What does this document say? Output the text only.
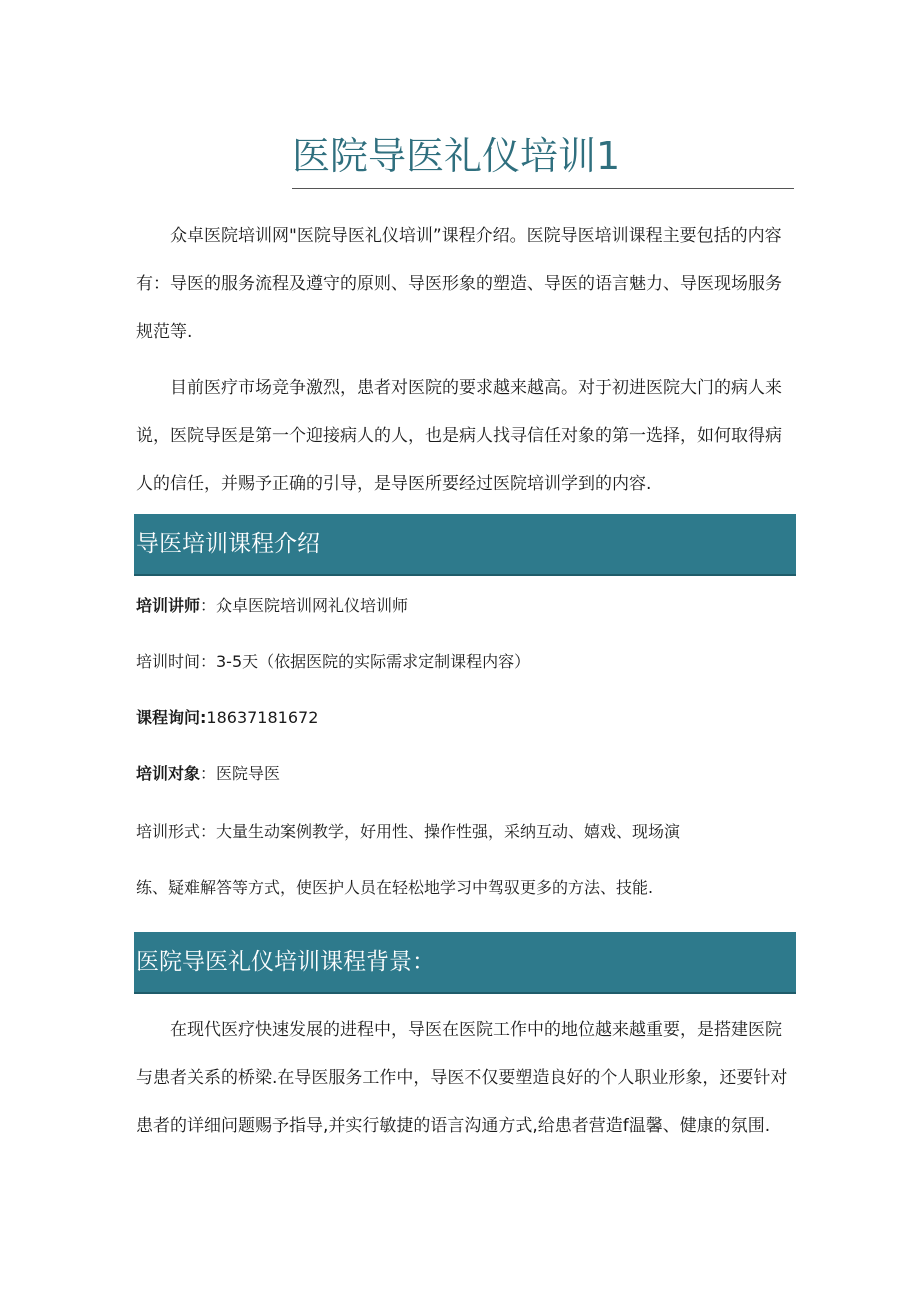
医院导医礼仪培训1

众卓医院培训网"医院导医礼仪培训”课程介绍。医院导医培训课程主要包括的内容有：导医的服务流程及遵守的原则、导医形象的塑造、导医的语言魅力、导医现场服务规范等.

目前医疗市场竞争激烈，患者对医院的要求越来越高。对于初进医院大门的病人来说，医院导医是第一个迎接病人的人，也是病人找寻信任对象的第一选择，如何取得病人的信任，并赐予正确的引导，是导医所要经过医院培训学到的内容.

导医培训课程介绍
培训讲师：众卓医院培训网礼仪培训师
培训时间：3-5天（依据医院的实际需求定制课程内容）
课程询问:18637181672
培训对象：医院导医
培训形式：大量生动案例教学，好用性、操作性强，采纳互动、嬉戏、现场演
练、疑难解答等方式，使医护人员在轻松地学习中驾驭更多的方法、技能.
医院导医礼仪培训课程背景：

在现代医疗快速发展的进程中，导医在医院工作中的地位越来越重要，是搭建医院与患者关系的桥梁.在导医服务工作中，导医不仅要塑造良好的个人职业形象，还要针对患者的详细问题赐予指导,并实行敏捷的语言沟通方式,给患者营造f温馨、健康的氛围.
